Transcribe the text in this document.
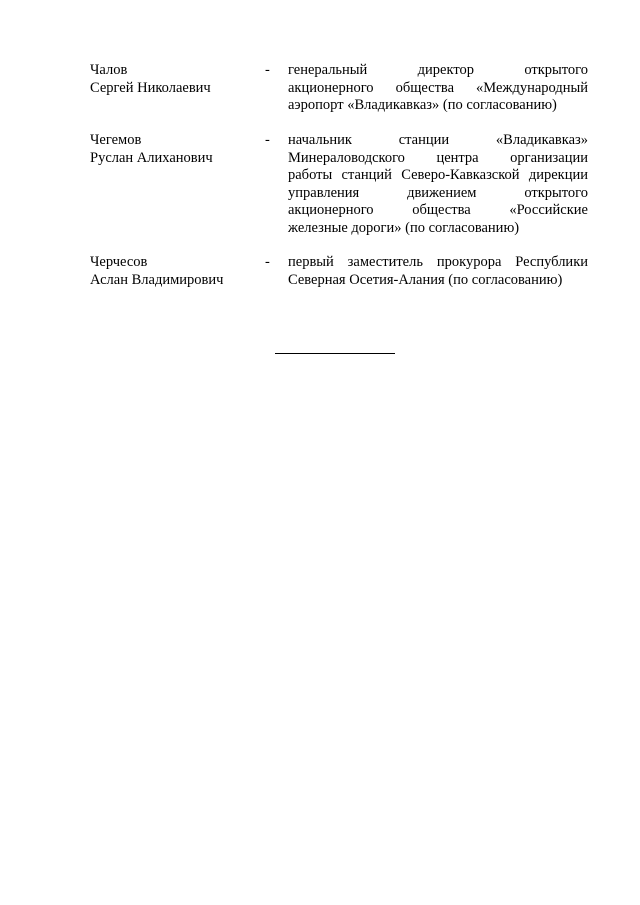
Чалов
Сергей Николаевич
- генеральный директор открытого
акционерного общества «Международный
аэропорт «Владикавказ» (по согласованию)
Чегемов
Руслан Алиханович
- начальник станции «Владикавказ»
Минераловодского центра организации
работы станций Северо-Кавказской дирекции
управления движением открытого
акционерного общества «Российские
железные дороги» (по согласованию)
Черчесов
Аслан Владимирович
- первый заместитель прокурора Республики
Северная Осетия-Алания (по согласованию)
